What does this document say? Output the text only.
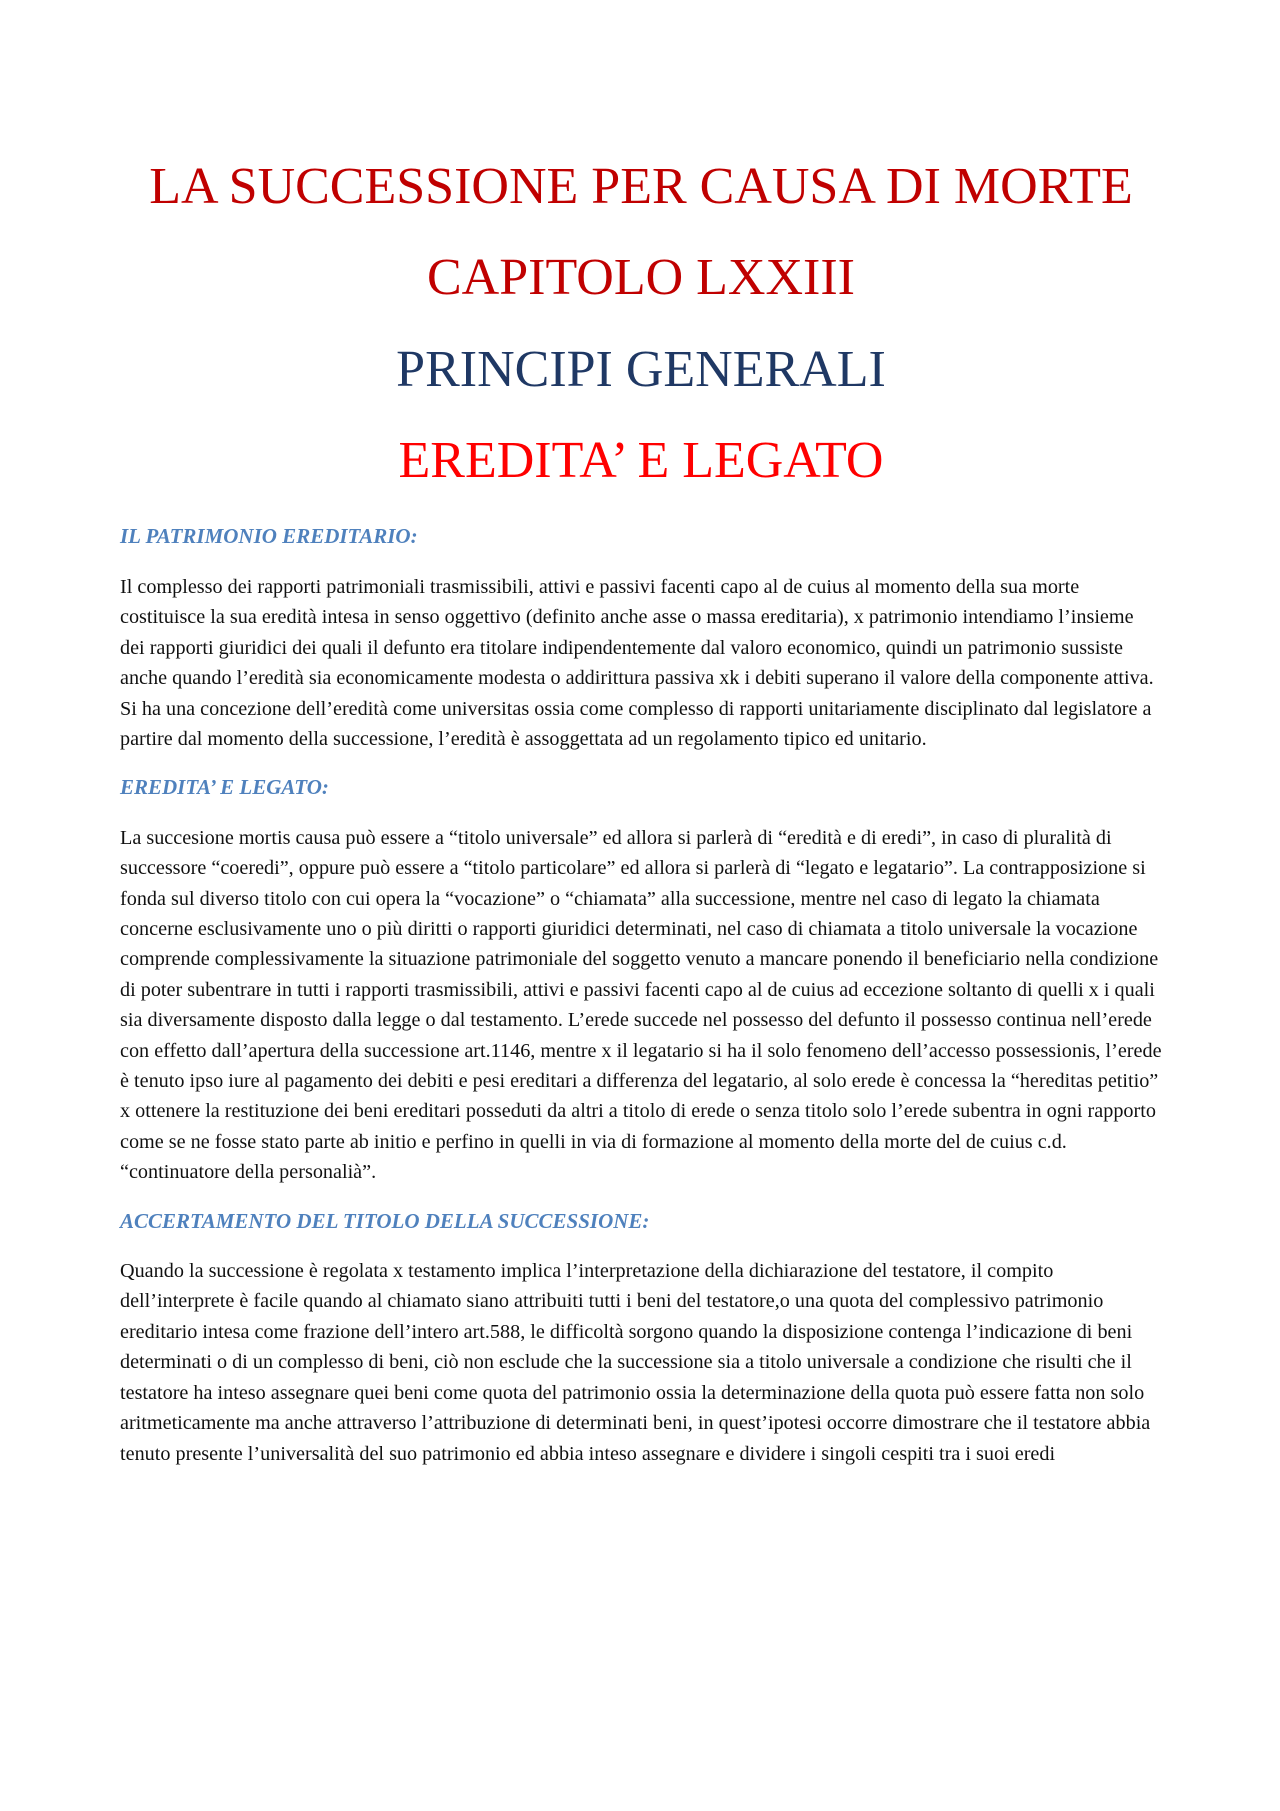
LA SUCCESSIONE PER CAUSA DI MORTE
CAPITOLO LXXIII
PRINCIPI GENERALI
EREDITA’ E LEGATO
IL PATRIMONIO EREDITARIO:

Il complesso dei rapporti patrimoniali trasmissibili, attivi e passivi facenti capo al de cuius al momento della sua morte costituisce la sua eredità intesa in senso oggettivo (definito anche asse o massa ereditaria), x patrimonio intendiamo l’insieme dei rapporti giuridici dei quali il defunto era titolare indipendentemente dal valoro economico, quindi un patrimonio sussiste anche quando l’eredità sia economicamente modesta o addirittura passiva xk i debiti superano il valore della componente attiva. Si ha una concezione dell’eredità come universitas ossia come complesso di rapporti unitariamente disciplinato dal legislatore a partire dal momento della successione, l’eredità è assoggettata ad un regolamento tipico ed unitario.

EREDITA’ E LEGATO:

La succesione mortis causa può essere a “titolo universale” ed allora si parlerà di “eredità e di eredi”, in caso di pluralità di successore “coeredi”, oppure può essere a “titolo particolare” ed allora si parlerà di “legato e legatario”. La contrapposizione si fonda sul diverso titolo con cui opera la “vocazione” o “chiamata” alla successione, mentre nel caso di legato la chiamata concerne esclusivamente uno o più diritti o rapporti giuridici determinati, nel caso di chiamata a titolo universale la vocazione comprende complessivamente la situazione patrimoniale del soggetto venuto a mancare ponendo il beneficiario nella condizione di poter subentrare in tutti i rapporti trasmissibili, attivi e passivi facenti capo al de cuius ad eccezione soltanto di quelli x i quali sia diversamente disposto dalla legge o dal testamento. L’erede succede nel possesso del defunto il possesso continua nell’erede con effetto dall’apertura della successione art.1146, mentre x il legatario si ha il solo fenomeno dell’accesso possessionis, l’erede è tenuto ipso iure al pagamento dei debiti e pesi ereditari a differenza del legatario, al solo erede è concessa la “hereditas petitio” x ottenere la restituzione dei beni ereditari posseduti da altri a titolo di erede o senza titolo solo l’erede subentra in ogni rapporto come se ne fosse stato parte ab initio e perfino in quelli in via di formazione al momento della morte del de cuius c.d. “continuatore della personalià”.

ACCERTAMENTO DEL TITOLO DELLA SUCCESSIONE:

Quando la successione è regolata x testamento implica l’interpretazione della dichiarazione del testatore, il compito dell’interprete è facile quando al chiamato siano attribuiti tutti i beni del testatore,o una quota del complessivo patrimonio ereditario intesa come frazione dell’intero art.588, le difficoltà sorgono quando la disposizione contenga l’indicazione di beni determinati o di un complesso di beni, ciò non esclude che la successione sia a titolo universale a condizione che risulti che il testatore ha inteso assegnare quei beni come quota del patrimonio ossia la determinazione della quota può essere fatta non solo aritmeticamente ma anche attraverso l’attribuzione di determinati beni, in quest’ipotesi occorre dimostrare che il testatore abbia tenuto presente l’universalità del suo patrimonio ed abbia inteso assegnare e dividere i singoli cespiti tra i suoi eredi
